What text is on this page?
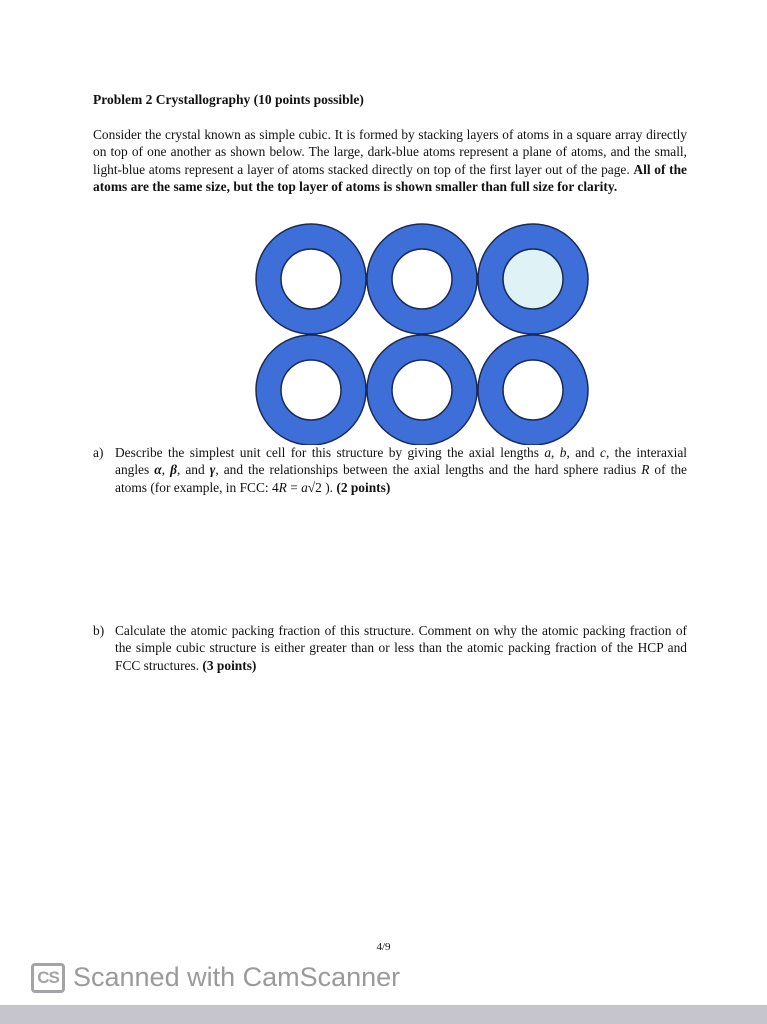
Problem 2 Crystallography (10 points possible)

Consider the crystal known as simple cubic. It is formed by stacking layers of atoms in a square array directly on top of one another as shown below. The large, dark-blue atoms represent a plane of atoms, and the small, light-blue atoms represent a layer of atoms stacked directly on top of the first layer out of the page. All of the atoms are the same size, but the top layer of atoms is shown smaller than full size for clarity.

a) Describe the simplest unit cell for this structure by giving the axial lengths a, b, and c, the interaxial angles α, β, and γ, and the relationships between the axial lengths and the hard sphere radius R of the atoms (for example, in FCC: 4R = a√2 ). (2 points)

b) Calculate the atomic packing fraction of this structure. Comment on why the atomic packing fraction of the simple cubic structure is either greater than or less than the atomic packing fraction of the HCP and FCC structures. (3 points)

4/9
CS Scanned with CamScanner
